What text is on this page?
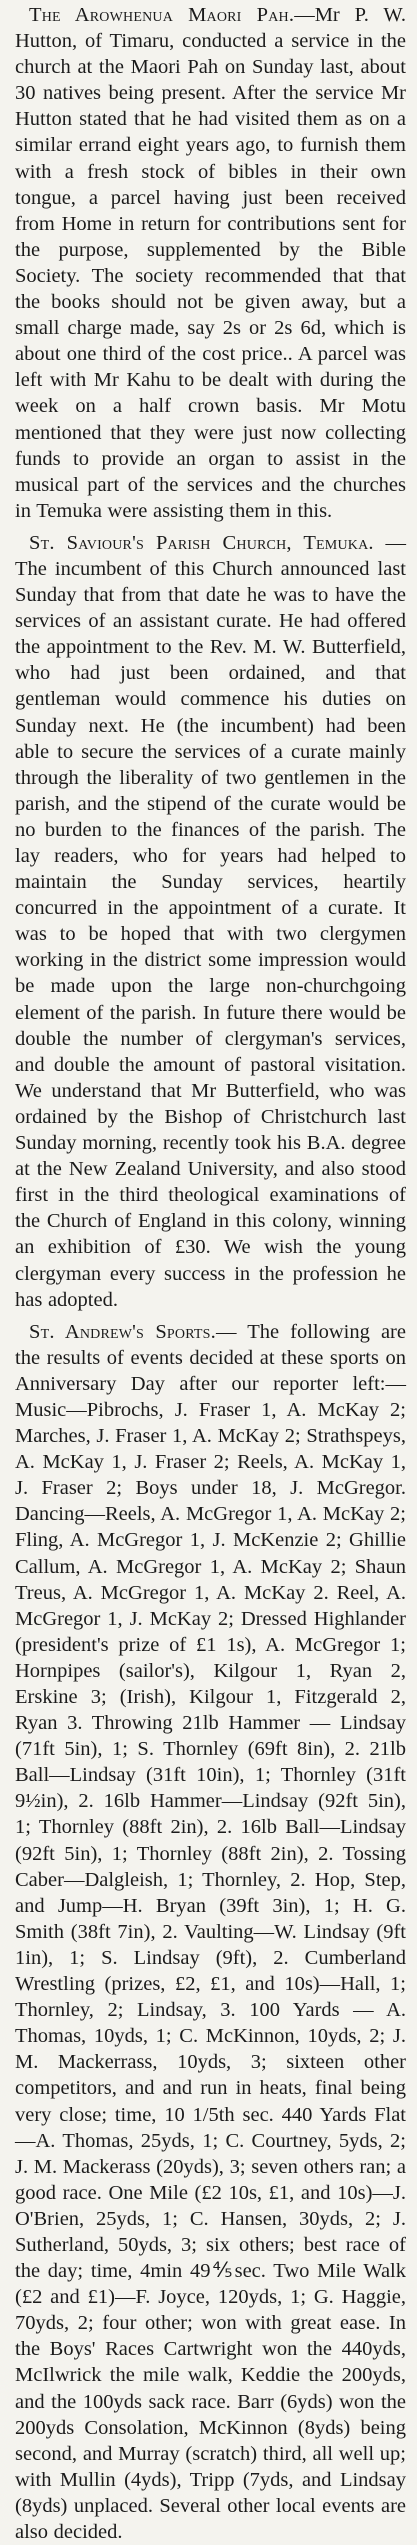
The Arowhenua Maori Pah.—Mr P. W. Hutton, of Timaru, conducted a service in the church at the Maori Pah on Sunday last, about 30 natives being present. After the service Mr Hutton stated that he had visited them as on a similar errand eight years ago, to furnish them with a fresh stock of bibles in their own tongue, a parcel having just been received from Home in return for contributions sent for the purpose, supplemented by the Bible Society. The society recommended that that the books should not be given away, but a small charge made, say 2s or 2s 6d, which is about one third of the cost price.. A parcel was left with Mr Kahu to be dealt with during the week on a half crown basis. Mr Motu mentioned that they were just now collecting funds to provide an organ to assist in the musical part of the services and the churches in Temuka were assisting them in this.

St. Saviour's Parish Church, Temuka. — The incumbent of this Church announced last Sunday that from that date he was to have the services of an assistant curate. He had offered the appointment to the Rev. M. W. Butterfield, who had just been ordained, and that gentleman would commence his duties on Sunday next. He (the incumbent) had been able to secure the services of a curate mainly through the liberality of two gentlemen in the parish, and the stipend of the curate would be no burden to the finances of the parish. The lay readers, who for years had helped to maintain the Sunday services, heartily concurred in the appointment of a curate. It was to be hoped that with two clergymen working in the district some impression would be made upon the large non-churchgoing element of the parish. In future there would be double the number of clergyman's services, and double the amount of pastoral visitation. We understand that Mr Butterfield, who was ordained by the Bishop of Christchurch last Sunday morning, recently took his B.A. degree at the New Zealand University, and also stood first in the third theological examinations of the Church of England in this colony, winning an exhibition of £30. We wish the young clergyman every success in the profession he has adopted.

St. Andrew's Sports.— The following are the results of events decided at these sports on Anniversary Day after our reporter left:—Music—Pibrochs, J. Fraser 1, A. McKay 2; Marches, J. Fraser 1, A. McKay 2; Strathspeys, A. McKay 1, J. Fraser 2; Reels, A. McKay 1, J. Fraser 2; Boys under 18, J. McGregor. Dancing—Reels, A. McGregor 1, A. McKay 2; Fling, A. McGregor 1, J. McKenzie 2; Ghillie Callum, A. McGregor 1, A. McKay 2; Shaun Treus, A. McGregor 1, A. McKay 2. Reel, A. McGregor 1, J. McKay 2; Dressed Highlander (president's prize of £1 1s), A. McGregor 1; Hornpipes (sailor's), Kilgour 1, Ryan 2, Erskine 3; (Irish), Kilgour 1, Fitzgerald 2, Ryan 3. Throwing 21lb Hammer — Lindsay (71ft 5in), 1; S. Thornley (69ft 8in), 2. 21lb Ball—Lindsay (31ft 10in), 1; Thornley (31ft 9½in), 2. 16lb Hammer—Lindsay (92ft 5in), 1; Thornley (88ft 2in), 2. 16lb Ball—Lindsay (92ft 5in), 1; Thornley (88ft 2in), 2. Tossing Caber—Dalgleish, 1; Thornley, 2. Hop, Step, and Jump—H. Bryan (39ft 3in), 1; H. G. Smith (38ft 7in), 2. Vaulting—W. Lindsay (9ft 1in), 1; S. Lindsay (9ft), 2. Cumberland Wrestling (prizes, £2, £1, and 10s)—Hall, 1; Thornley, 2; Lindsay, 3. 100 Yards — A. Thomas, 10yds, 1; C. McKinnon, 10yds, 2; J. M. Mackerrass, 10yds, 3; sixteen other competitors, and and run in heats, final being very close; time, 10 1/5th sec. 440 Yards Flat—A. Thomas, 25yds, 1; C. Courtney, 5yds, 2; J. M. Mackerass (20yds), 3; seven others ran; a good race. One Mile (£2 10s, £1, and 10s)—J. O'Brien, 25yds, 1; C. Hansen, 30yds, 2; J. Sutherland, 50yds, 3; six others; best race of the day; time, 4min 49⅘sec. Two Mile Walk (£2 and £1)—F. Joyce, 120yds, 1; G. Haggie, 70yds, 2; four other; won with great ease. In the Boys' Races Cartwright won the 440yds, McIlwrick the mile walk, Keddie the 200yds, and the 100yds sack race. Barr (6yds) won the 200yds Consolation, McKinnon (8yds) being second, and Murray (scratch) third, all well up; with Mullin (4yds), Tripp (7yds, and Lindsay (8yds) unplaced. Several other local events are also decided.
